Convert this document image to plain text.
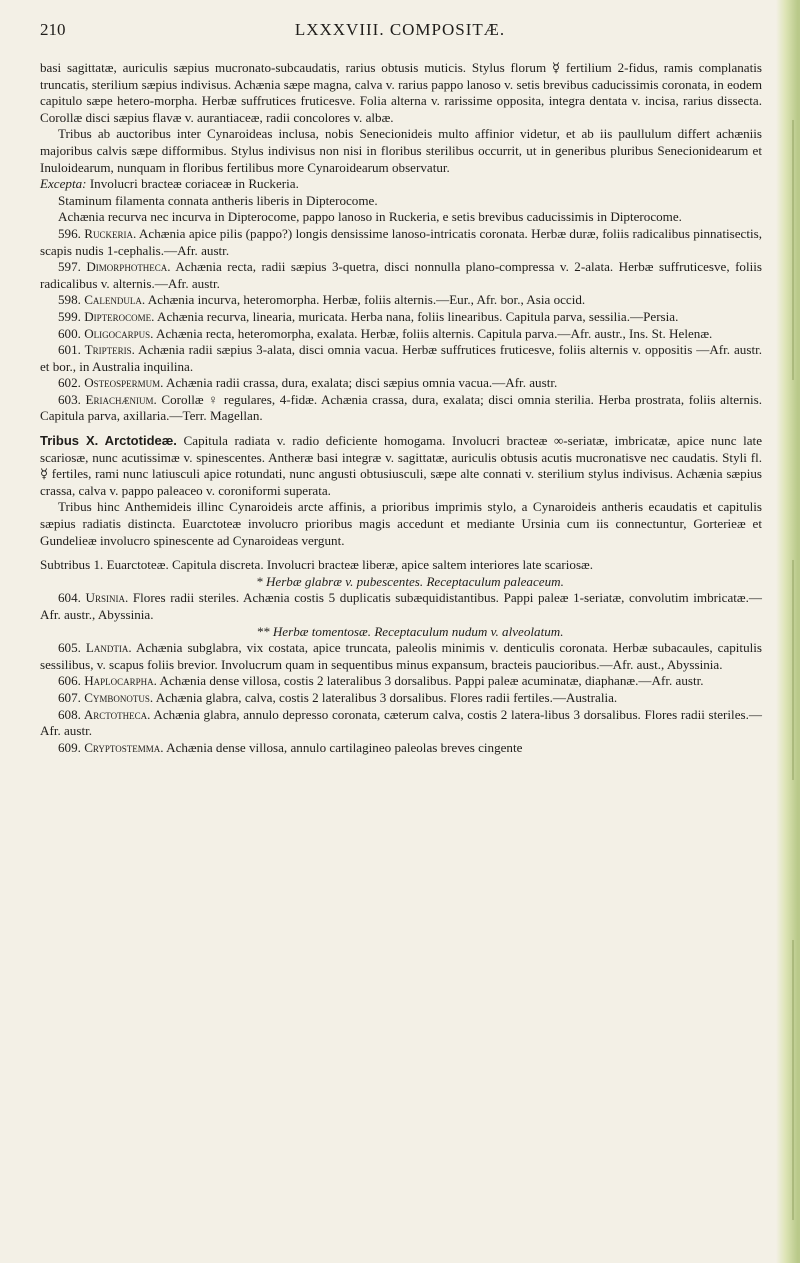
210	LXXXVIII. COMPOSITÆ.

basi sagittatæ, auriculis sæpius mucronato-subcaudatis, rarius obtusis muticis. Stylus florum ☿ fertilium 2-fidus, ramis complanatis truncatis, sterilium sæpius indivisus. Achænia sæpe magna, calva v. rarius pappo lanoso v. setis brevibus caducissimis coronata, in eodem capitulo sæpe hetero-morpha. Herbæ suffrutices fruticesve. Folia alterna v. rarissime opposita, integra dentata v. incisa, rarius dissecta. Corollæ disci sæpius flavæ v. aurantiaceæ, radii concolores v. albæ.

Tribus ab auctoribus inter Cynaroideas inclusa, nobis Senecionideis multo affinior videtur, et ab iis paullulum differt achæniis majoribus calvis sæpe difformibus. Stylus indivisus non nisi in floribus sterilibus occurrit, ut in generibus pluribus Senecionidearum et Inuloidearum, nunquam in floribus fertilibus more Cynaroidearum observatur.

Excepta: Involucri bracteæ coriaceæ in Ruckeria.

Staminum filamenta connata antheris liberis in Dipterocome.

Achænia recurva nec incurva in Dipterocome, pappo lanoso in Ruckeria, e setis brevibus caducissimis in Dipterocome.

596. Ruckeria. Achænia apice pilis (pappo?) longis densissime lanoso-intricatis coronata. Herbæ duræ, foliis radicalibus pinnatisectis, scapis nudis 1-cephalis.—Afr. austr.

597. Dimorphotheca. Achænia recta, radii sæpius 3-quetra, disci nonnulla plano-compressa v. 2-alata. Herbæ suffruticesve, foliis radicalibus v. alternis.—Afr. austr.

598. Calendula. Achænia incurva, heteromorpha. Herbæ, foliis alternis.—Eur., Afr. bor., Asia occid.

599. Dipterocome. Achænia recurva, linearia, muricata. Herba nana, foliis linearibus. Capitula parva, sessilia.—Persia.

600. Oligocarpus. Achænia recta, heteromorpha, exalata. Herbæ, foliis alternis. Capitula parva.—Afr. austr., Ins. St. Helenæ.

601. Tripteris. Achænia radii sæpius 3-alata, disci omnia vacua. Herbæ suffrutices fruticesve, foliis alternis v. oppositis —Afr. austr. et bor., in Australia inquilina.

602. Osteospermum. Achænia radii crassa, dura, exalata; disci sæpius omnia vacua.—Afr. austr.

603. Eriachænium. Corollæ ♀ regulares, 4-fidæ. Achænia crassa, dura, exalata; disci omnia sterilia. Herba prostrata, foliis alternis. Capitula parva, axillaria.—Terr. Magellan.

Tribus X. Arctotideæ. Capitula radiata v. radio deficiente homogama. Involucri bracteæ ∞-seriatæ, imbricatæ, apice nunc late scariosæ, nunc acutissimæ v. spinescentes. Antheræ basi integræ v. sagittatæ, auriculis obtusis acutis mucronatisve nec caudatis. Styli fl. ☿ fertiles, rami nunc latiusculi apice rotundati, nunc angusti obtusiusculi, sæpe alte connati v. sterilium stylus indivisus. Achænia sæpius crassa, calva v. pappo paleaceo v. coroniformi superata.

Tribus hinc Anthemideis illinc Cynaroideis arcte affinis, a prioribus imprimis stylo, a Cynaroideis antheris ecaudatis et capitulis sæpius radiatis distincta. Euarctoteæ involucro prioribus magis accedunt et mediante Ursinia cum iis connectuntur, Gorterieæ et Gundelieæ involucro spinescente ad Cynaroideas vergunt.

Subtribus 1. Euarctoteæ. Capitula discreta. Involucri bracteæ liberæ, apice saltem interiores late scariosæ.

* Herbæ glabræ v. pubescentes. Receptaculum paleaceum.

604. Ursinia. Flores radii steriles. Achænia costis 5 duplicatis subæquidistantibus. Pappi paleæ 1-seriatæ, convolutim imbricatæ.—Afr. austr., Abyssinia.

** Herbæ tomentosæ. Receptaculum nudum v. alveolatum.

605. Landtia. Achænia subglabra, vix costata, apice truncata, paleolis minimis v. denticulis coronata. Herbæ subacaules, capitulis sessilibus, v. scapus foliis brevior. Involucrum quam in sequentibus minus expansum, bracteis paucioribus.—Afr. aust., Abyssinia.

606. Haplocarpha. Achænia dense villosa, costis 2 lateralibus 3 dorsalibus. Pappi paleæ acuminatæ, diaphanæ.—Afr. austr.

607. Cymbonotus. Achænia glabra, calva, costis 2 lateralibus 3 dorsalibus. Flores radii fertiles.—Australia.

608. Arctotheca. Achænia glabra, annulo depresso coronata, cæterum calva, costis 2 latera-libus 3 dorsalibus. Flores radii steriles.—Afr. austr.

609. Cryptostemma. Achænia dense villosa, annulo cartilagineo paleolas breves cingente
